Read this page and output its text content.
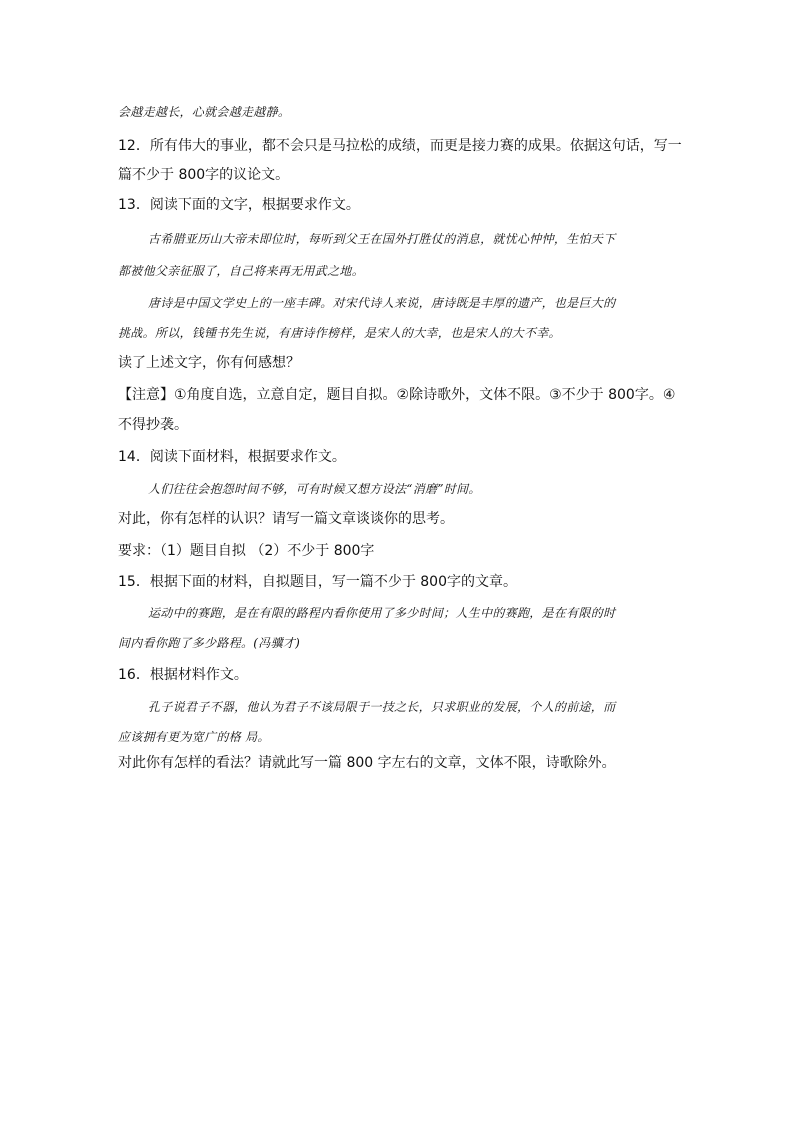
会越走越长，心就会越走越静。
12．所有伟大的事业，都不会只是马拉松的成绩，而更是接力赛的成果。依据这句话，写一
篇不少于 800字的议论文。
13．阅读下面的文字，根据要求作文。
古希腊亚历山大帝未即位时，每听到父王在国外打胜仗的消息，就忧心忡忡，生怕天下
都被他父亲征服了，自己将来再无用武之地。
唐诗是中国文学史上的一座丰碑。对宋代诗人来说，唐诗既是丰厚的遗产，也是巨大的
挑战。所以，钱锺书先生说，有唐诗作榜样，是宋人的大幸，也是宋人的大不幸。
读了上述文字，你有何感想？
【注意】①角度自选，立意自定，题目自拟。②除诗歌外，文体不限。③不少于 800字。④
不得抄袭。
14．阅读下面材料，根据要求作文。
人们往往会抱怨时间不够，可有时候又想方设法“消磨”时间。
对此，你有怎样的认识？请写一篇文章谈谈你的思考。
要求：（1）题目自拟 （2）不少于 800字
15．根据下面的材料，自拟题目，写一篇不少于 800字的文章。
运动中的赛跑，是在有限的路程内看你使用了多少时间；人生中的赛跑，是在有限的时
间内看你跑了多少路程。(冯骥才)
16．根据材料作文。
孔子说君子不器，他认为君子不该局限于一技之长，只求职业的发展，个人的前途，而
应该拥有更为宽广的格 局。
对此你有怎样的看法？请就此写一篇 800 字左右的文章，文体不限，诗歌除外。
